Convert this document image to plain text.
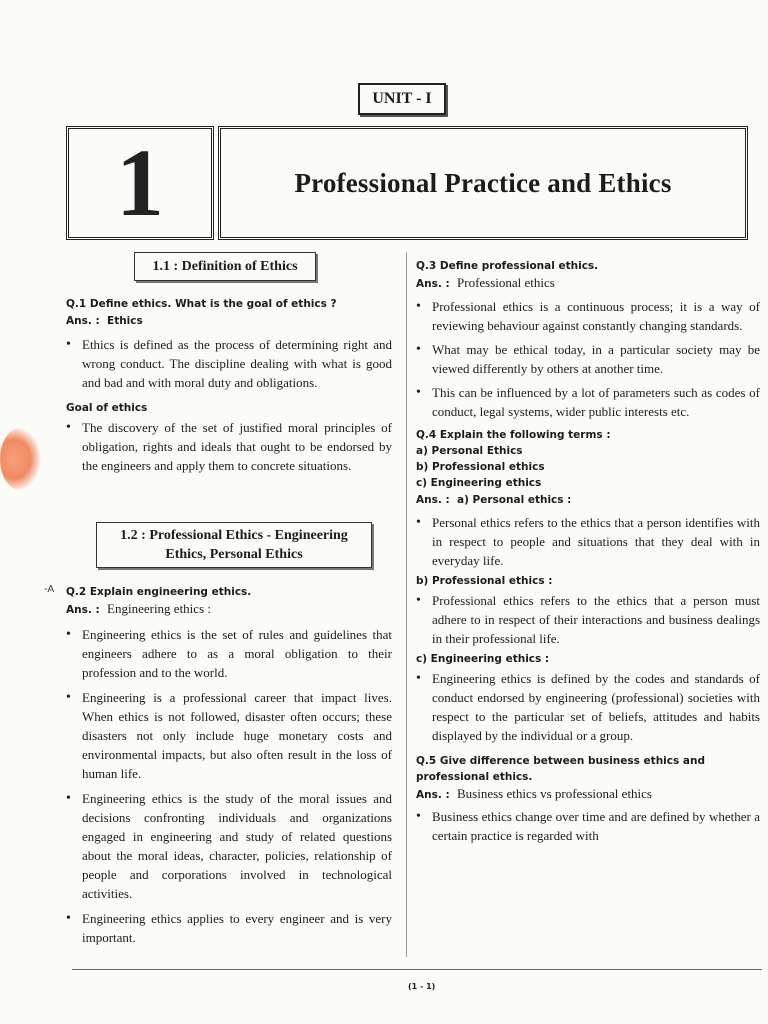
-A
UNIT - I
1	Professional Practice and Ethics
1.1 : Definition of Ethics
Q.1 Define ethics. What is the goal of ethics ?
Ans. : Ethics
• Ethics is defined as the process of determining right and wrong conduct. The discipline dealing with what is good and bad and with moral duty and obligations.
Goal of ethics
• The discovery of the set of justified moral principles of obligation, rights and ideals that ought to be endorsed by the engineers and apply them to concrete situations.
1.2 : Professional Ethics - Engineering
Ethics, Personal Ethics
Q.2 Explain engineering ethics.
Ans. : Engineering ethics :
• Engineering ethics is the set of rules and guidelines that engineers adhere to as a moral obligation to their profession and to the world.
• Engineering is a professional career that impact lives. When ethics is not followed, disaster often occurs; these disasters not only include huge monetary costs and environmental impacts, but also often result in the loss of human life.
• Engineering ethics is the study of the moral issues and decisions confronting individuals and organizations engaged in engineering and study of related questions about the moral ideas, character, policies, relationship of people and corporations involved in technological activities.
• Engineering ethics applies to every engineer and is very important.
Q.3 Define professional ethics.
Ans. : Professional ethics
• Professional ethics is a continuous process; it is a way of reviewing behaviour against constantly changing standards.
• What may be ethical today, in a particular society may be viewed differently by others at another time.
• This can be influenced by a lot of parameters such as codes of conduct, legal systems, wider public interests etc.
Q.4 Explain the following terms :
a) Personal Ethics
b) Professional ethics
c) Engineering ethics
Ans. : a) Personal ethics :
• Personal ethics refers to the ethics that a person identifies with in respect to people and situations that they deal with in everyday life.
b) Professional ethics :
• Professional ethics refers to the ethics that a person must adhere to in respect of their interactions and business dealings in their professional life.
c) Engineering ethics :
• Engineering ethics is defined by the codes and standards of conduct endorsed by engineering (professional) societies with respect to the particular set of beliefs, attitudes and habits displayed by the individual or a group.
Q.5 Give difference between business ethics and professional ethics.
Ans. : Business ethics vs professional ethics
• Business ethics change over time and are defined by whether a certain practice is regarded with
(1 - 1)
